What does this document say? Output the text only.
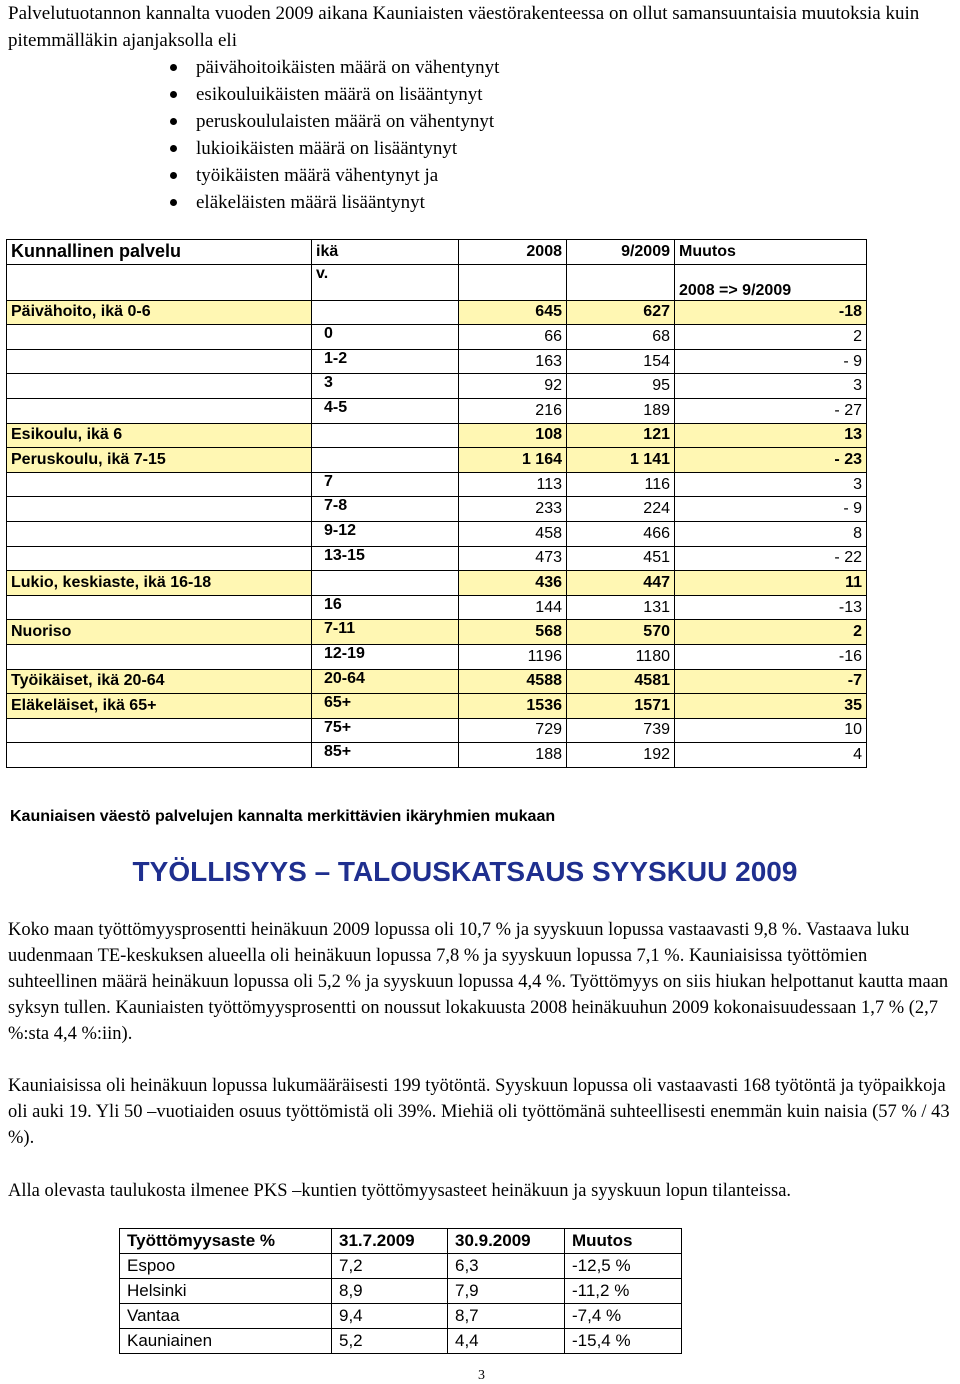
Palvelutuotannon kannalta vuoden 2009 aikana Kauniaisten väestörakenteessa on ollut samansuuntaisia muutoksia kuin pitemmälläkin ajanjaksolla eli
päivähoitoikäisten määrä on vähentynyt
esikouluikäisten määrä on lisääntynyt
peruskoululaisten määrä on vähentynyt
lukioikäisten määrä on lisääntynyt
työikäisten määrä vähentynyt ja
eläkeläisten määrä lisääntynyt
Kunnallinen palvelu	ikä	2008	9/2009	Muutos
	v.			2008 => 9/2009
Päivähoito, ikä 0-6		645	627	-18
	0	66	68	2
	1-2	163	154	- 9
	3	92	95	3
	4-5	216	189	- 27
Esikoulu, ikä 6		108	121	13
Peruskoulu, ikä 7-15		1 164	1 141	- 23
	7	113	116	3
	7-8	233	224	- 9
	9-12	458	466	8
	13-15	473	451	- 22
Lukio, keskiaste, ikä 16-18		436	447	11
	16	144	131	-13
Nuoriso	7-11	568	570	2
	12-19	1196	1180	-16
Työikäiset, ikä 20-64	20-64	4588	4581	-7
Eläkeläiset, ikä 65+	65+	1536	1571	35
	75+	729	739	10
	85+	188	192	4
Kauniaisen väestö palvelujen kannalta merkittävien ikäryhmien mukaan
TYÖLLISYYS – TALOUSKATSAUS SYYSKUU 2009

Koko maan työttömyysprosentti heinäkuun 2009 lopussa oli 10,7 % ja syyskuun lopussa vastaavasti 9,8 %. Vastaava luku uudenmaan TE-keskuksen alueella oli heinäkuun lopussa 7,8 % ja syyskuun lopussa 7,1 %. Kauniaisissa työttömien suhteellinen määrä heinäkuun lopussa oli 5,2 % ja syyskuun lopussa 4,4 %. Työttömyys on siis hiukan helpottanut kautta maan syksyn tullen. Kauniaisten työttömyysprosentti on noussut lokakuusta 2008 heinäkuuhun 2009 kokonaisuudessaan 1,7 % (2,7 %:sta 4,4 %:iin).

Kauniaisissa oli heinäkuun lopussa lukumääräisesti 199 työtöntä. Syyskuun lopussa oli vastaavasti 168 työtöntä ja työpaikkoja oli auki 19. Yli 50 –vuotiaiden osuus työttömistä oli 39%. Miehiä oli työttömänä suhteellisesti enemmän kuin naisia (57 % / 43 %).

Alla olevasta taulukosta ilmenee PKS –kuntien työttömyysasteet heinäkuun ja syyskuun lopun tilanteissa.

Työttömyysaste %	31.7.2009	30.9.2009	Muutos
Espoo	7,2	6,3	-12,5 %
Helsinki	8,9	7,9	-11,2 %
Vantaa	9,4	8,7	-7,4 %
Kauniainen	5,2	4,4	-15,4 %
3
